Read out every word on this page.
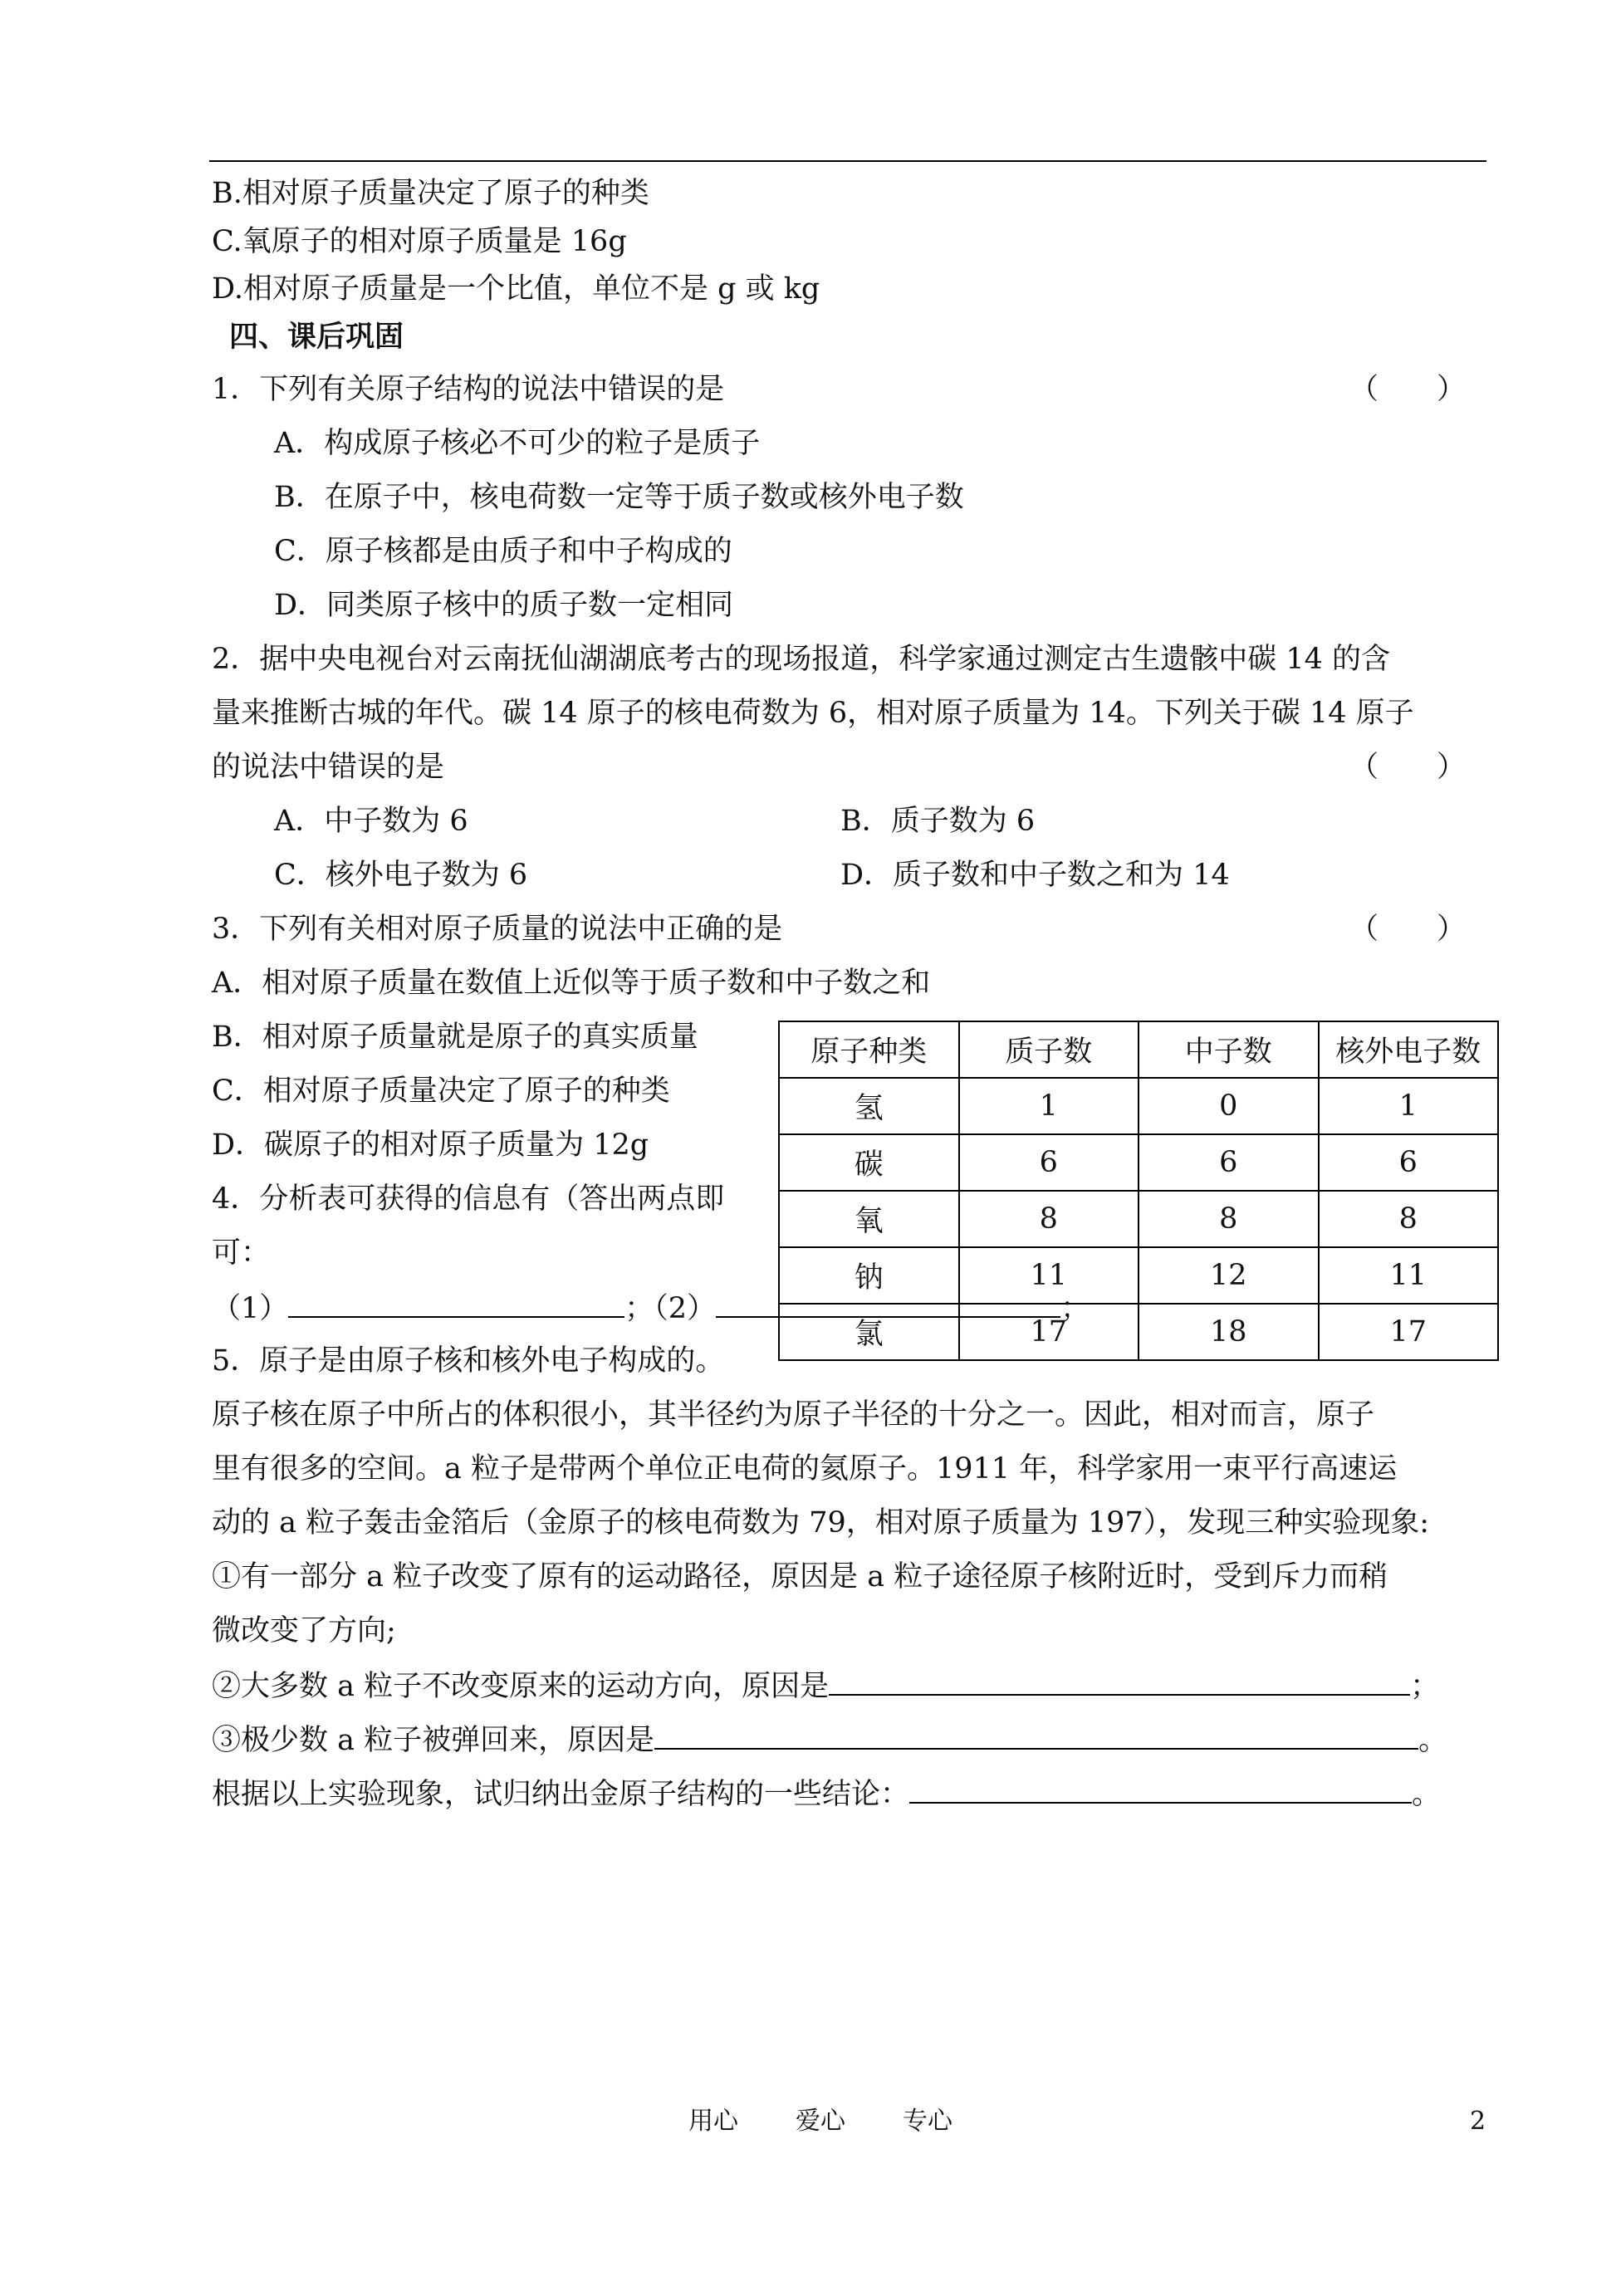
B.相对原子质量决定了原子的种类
C.氧原子的相对原子质量是 16g
D.相对原子质量是一个比值，单位不是 g 或 kg
四、课后巩固
1．下列有关原子结构的说法中错误的是	（　　）
A．构成原子核必不可少的粒子是质子
B．在原子中，核电荷数一定等于质子数或核外电子数
C．原子核都是由质子和中子构成的
D．同类原子核中的质子数一定相同
2．据中央电视台对云南抚仙湖湖底考古的现场报道，科学家通过测定古生遗骸中碳 14 的含
量来推断古城的年代。碳 14 原子的核电荷数为 6，相对原子质量为 14。下列关于碳 14 原子
的说法中错误的是	（　　）
A．中子数为 6	B．质子数为 6
C．核外电子数为 6	D．质子数和中子数之和为 14
3．下列有关相对原子质量的说法中正确的是	（　　）
A．相对原子质量在数值上近似等于质子数和中子数之和
B．相对原子质量就是原子的真实质量
C．相对原子质量决定了原子的种类
D．碳原子的相对原子质量为 12g
4．分析表可获得的信息有（答出两点即
可：
原子种类	质子数	中子数	核外电子数
氢	1	0	1
碳	6	6	6
氧	8	8	8
钠	11	12	11
氯	17	18	17
（1）	；（2）	；
5．原子是由原子核和核外电子构成的。
原子核在原子中所占的体积很小，其半径约为原子半径的十分之一。因此，相对而言，原子
里有很多的空间。a 粒子是带两个单位正电荷的氦原子。1911 年，科学家用一束平行高速运
动的 a 粒子轰击金箔后（金原子的核电荷数为 79，相对原子质量为 197），发现三种实验现象:
①有一部分 a 粒子改变了原有的运动路径，原因是 a 粒子途径原子核附近时，受到斥力而稍
微改变了方向;
②大多数 a 粒子不改变原来的运动方向，原因是	；
③极少数 a 粒子被弹回来，原因是	。
根据以上实验现象，试归纳出金原子结构的一些结论：	。
用心 爱心 专心	2
